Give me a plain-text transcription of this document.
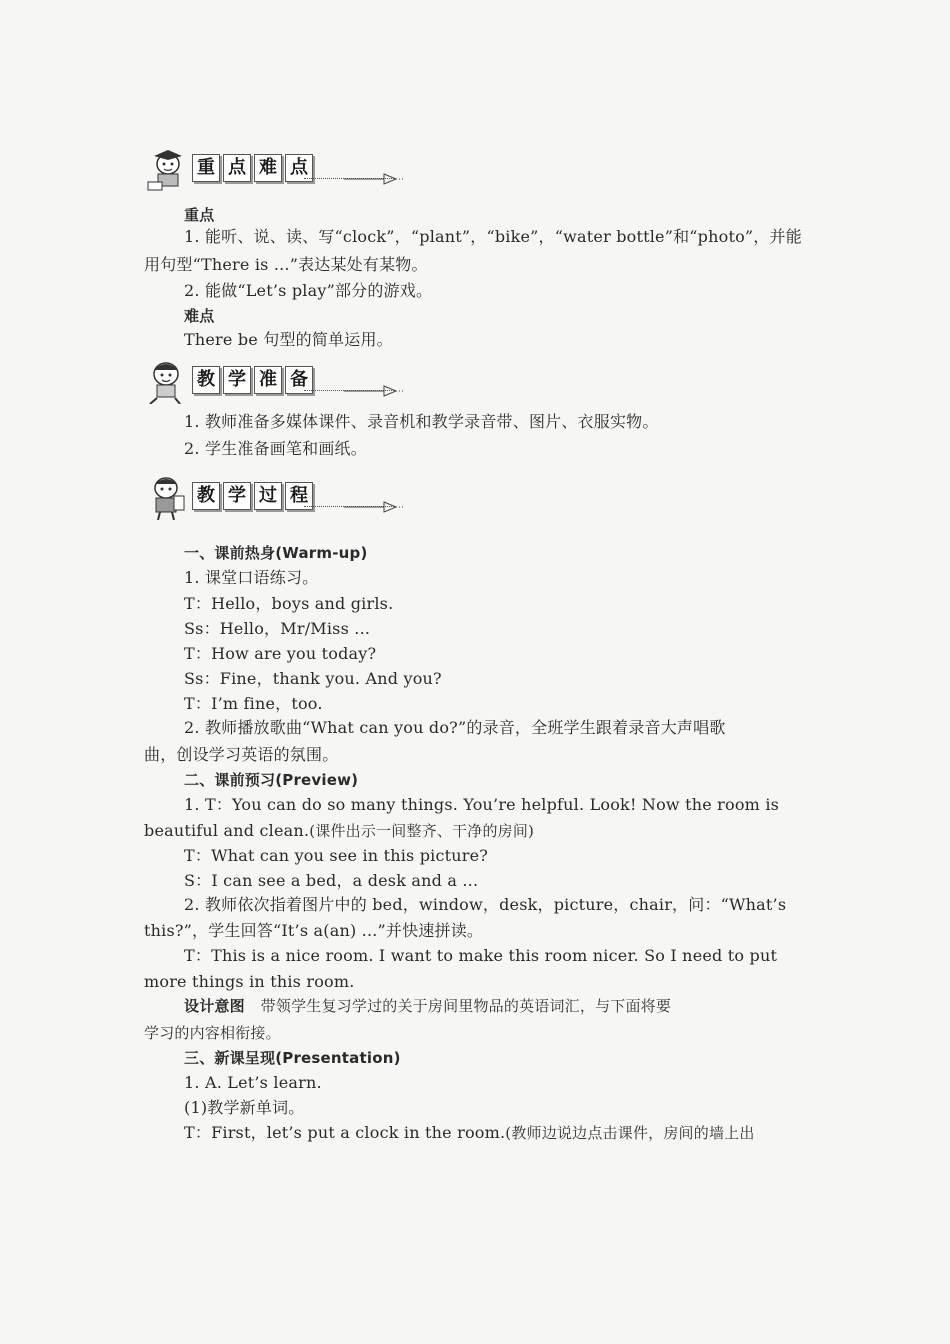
重 点 难 点
重点
1. 能听、说、读、写“clock”，“plant”，“bike”，“water bottle”和“photo”，并能
用句型“There is ...”表达某处有某物。
2. 能做“Let’s play”部分的游戏。
难点
There be 句型的简单运用。
教 学 准 备
1. 教师准备多媒体课件、录音机和教学录音带、图片、衣服实物。
2. 学生准备画笔和画纸。
教 学 过 程
一、课前热身(Warm-up)
1. 课堂口语练习。
T：Hello，boys and girls.
Ss：Hello，Mr/Miss ...
T：How are you today?
Ss：Fine，thank you. And you?
T：I’m fine，too.
2. 教师播放歌曲“What can you do?”的录音，全班学生跟着录音大声唱歌
曲，创设学习英语的氛围。
二、课前预习(Preview)
1. T：You can do so many things. You’re helpful. Look! Now the room is
beautiful and clean.(课件出示一间整齐、干净的房间)
T：What can you see in this picture?
S：I can see a bed，a desk and a ...
2. 教师依次指着图片中的 bed，window，desk，picture，chair，问：“What’s
this?”，学生回答“It’s a(an) ...”并快速拼读。
T：This is a nice room. I want to make this room nicer. So I need to put
more things in this room.
设计意图 带领学生复习学过的关于房间里物品的英语词汇，与下面将要
学习的内容相衔接。
三、新课呈现(Presentation)
1. A. Let’s learn.
(1)教学新单词。
T：First，let’s put a clock in the room.(教师边说边点击课件，房间的墙上出
